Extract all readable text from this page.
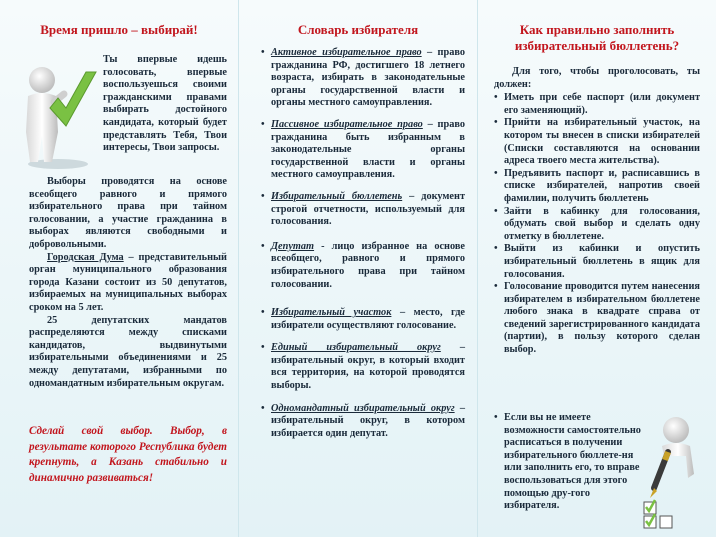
Время пришло – выбирай!
Ты впервые идешь голосовать, впервые воспользуешься своими гражданскими правами выбирать достойного кандидата, который будет представлять Тебя, Твои интересы, Твои запросы.

Выборы проводятся на основе всеобщего равного и прямого избирательного права при тайном голосовании, а участие гражданина в выборах являются свободными и добровольными.

Городская Дума – представительный орган муниципального образования города Казани состоит из 50 депутатов, избираемых на муниципальных выборах сроком на 5 лет.

25 депутатских мандатов распределяются между списками кандидатов, выдвинутыми избирательными объединениями и 25 между депутатами, избранными по одномандатным избирательным округам.

Сделай свой выбор. Выбор, в результате которого Республика будет крепнуть, а Казань стабильно и динамично развиваться!
Словарь избирателя
• Активное избирательное право – право гражданина РФ, достигшего 18 летнего возраста, избирать в законодательные органы государственной власти и органы местного самоуправления.
• Пассивное избирательное право – право гражданина быть избранным в законодательные органы государственной власти и органы местного самоуправления.
• Избирательный бюллетень – документ строгой отчетности, используемый для голосования.
• Депутат - лицо избранное на основе всеобщего, равного и прямого избирательного права при тайном голосовании.
• Избирательный участок – место, где избиратели осуществляют голосование.
• Единый избирательный округ – избирательный округ, в который входит вся территория, на которой проводятся выборы.
• Одномандатный избирательный округ – избирательный округ, в котором избирается один депутат.
Как правильно заполнить избирательный бюллетень?

Для того, чтобы проголосовать, ты должен:

• Иметь при себе паспорт (или документ его заменяющий).
• Прийти на избирательный участок, на котором ты внесен в списки избирателей (Списки составляются на основании адреса твоего места жительства).
• Предъявить паспорт и, расписавшись в списке избирателей, напротив своей фамилии, получить бюллетень
• Зайти в кабинку для голосования, обдумать свой выбор и сделать одну отметку в бюллетене.
• Выйти из кабинки и опустить избирательный бюллетень в ящик для голосования.
• Голосование проводится путем нанесения избирателем в избирательном бюллетене любого знака в квадрате справа от сведений зарегистрированного кандидата (партии), в пользу которого сделан выбор.
• Если вы не имеете возможности самостоятельно расписаться в получении избирательного бюллете-ня или заполнить его, то вправе воспользоваться для этого помощью дру-гого избирателя.
